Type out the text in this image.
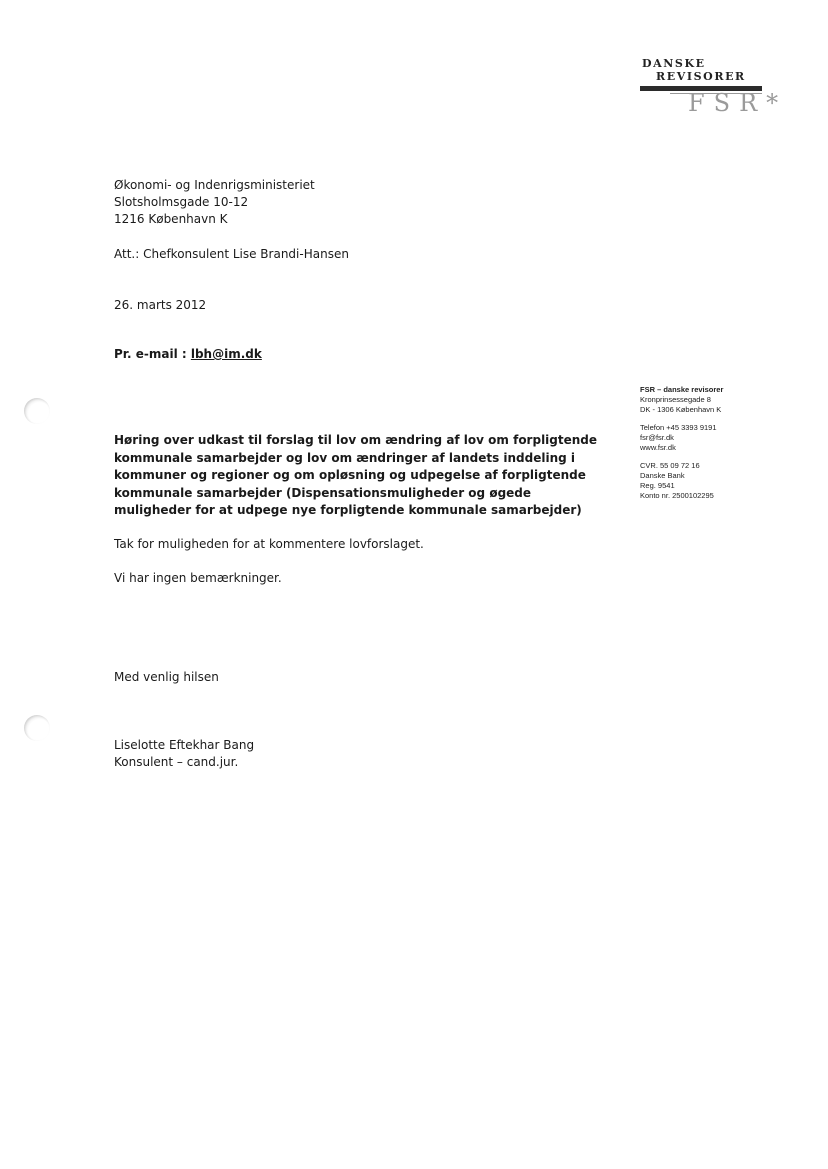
DANSKE
REVISORER
FSR*
Økonomi- og Indenrigsministeriet
Slotsholmsgade 10-12
1216 København K
Att.: Chefkonsulent Lise Brandi-Hansen
26. marts 2012
Pr. e-mail : lbh@im.dk
Høring over udkast til forslag til lov om ændring af lov om forpligtende
kommunale samarbejder og lov om ændringer af landets inddeling i
kommuner og regioner og om opløsning og udpegelse af forpligtende
kommunale samarbejder (Dispensationsmuligheder og øgede
muligheder for at udpege nye forpligtende kommunale samarbejder)
Tak for muligheden for at kommentere lovforslaget.
Vi har ingen bemærkninger.
Med venlig hilsen
Liselotte Eftekhar Bang
Konsulent – cand.jur.
FSR – danske revisorer
Kronprinsessegade 8
DK - 1306 København K
Telefon +45 3393 9191
fsr@fsr.dk
www.fsr.dk
CVR. 55 09 72 16
Danske Bank
Reg. 9541
Konto nr. 2500102295
